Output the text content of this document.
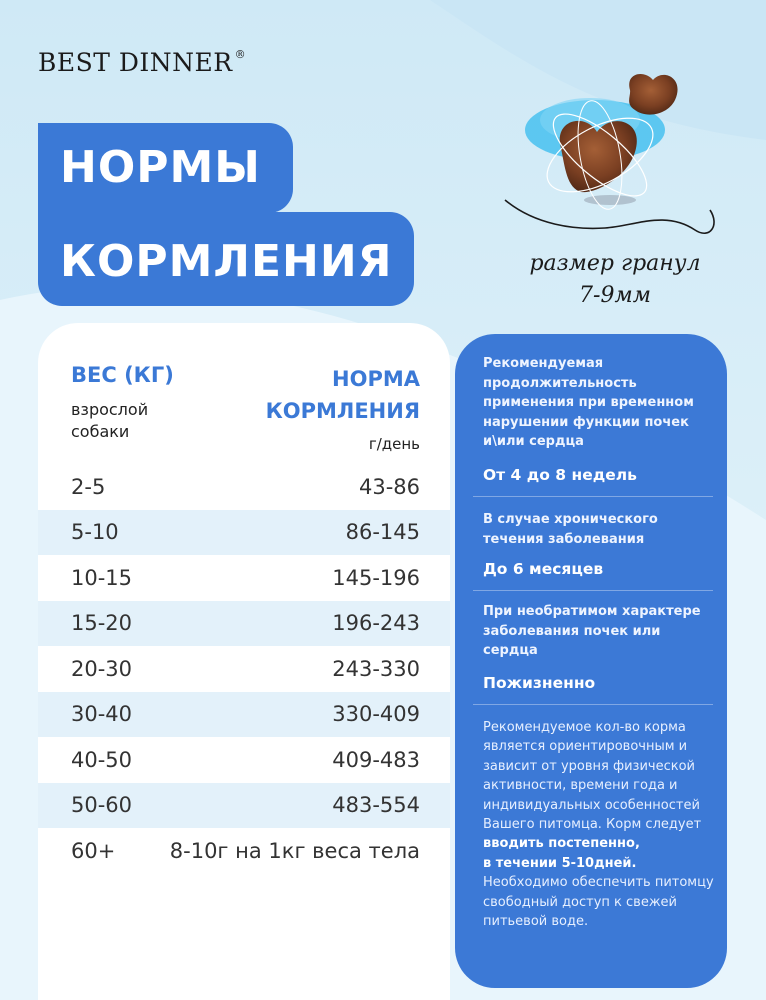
BEST DINNER ®
НОРМЫ
КОРМЛЕНИЯ	размер гранул
7-9мм
ВЕС (КГ)
взрослой собаки
НОРМА КОРМЛЕНИЯ
г/день
2-5	43-86
5-10	86-145
10-15	145-196
15-20	196-243
20-30	243-330
30-40	330-409
40-50	409-483
50-60	483-554
60+	8-10г на 1кг веса тела
Рекомендуемая продолжительность применения при временном нарушении функции почек и\или сердца
От 4 до 8 недель
В случае хронического течения заболевания
До 6 месяцев
При необратимом характере заболевания почек или сердца
Пожизненно
Рекомендуемое кол-во корма является ориентировочным и зависит от уровня физической активности, времени года и индивидуальных особенностей Вашего питомца. Корм следует
вводить постепенно,
в течении 5-10дней.
Необходимо обеспечить питомцу свободный доступ к свежей питьевой воде.
